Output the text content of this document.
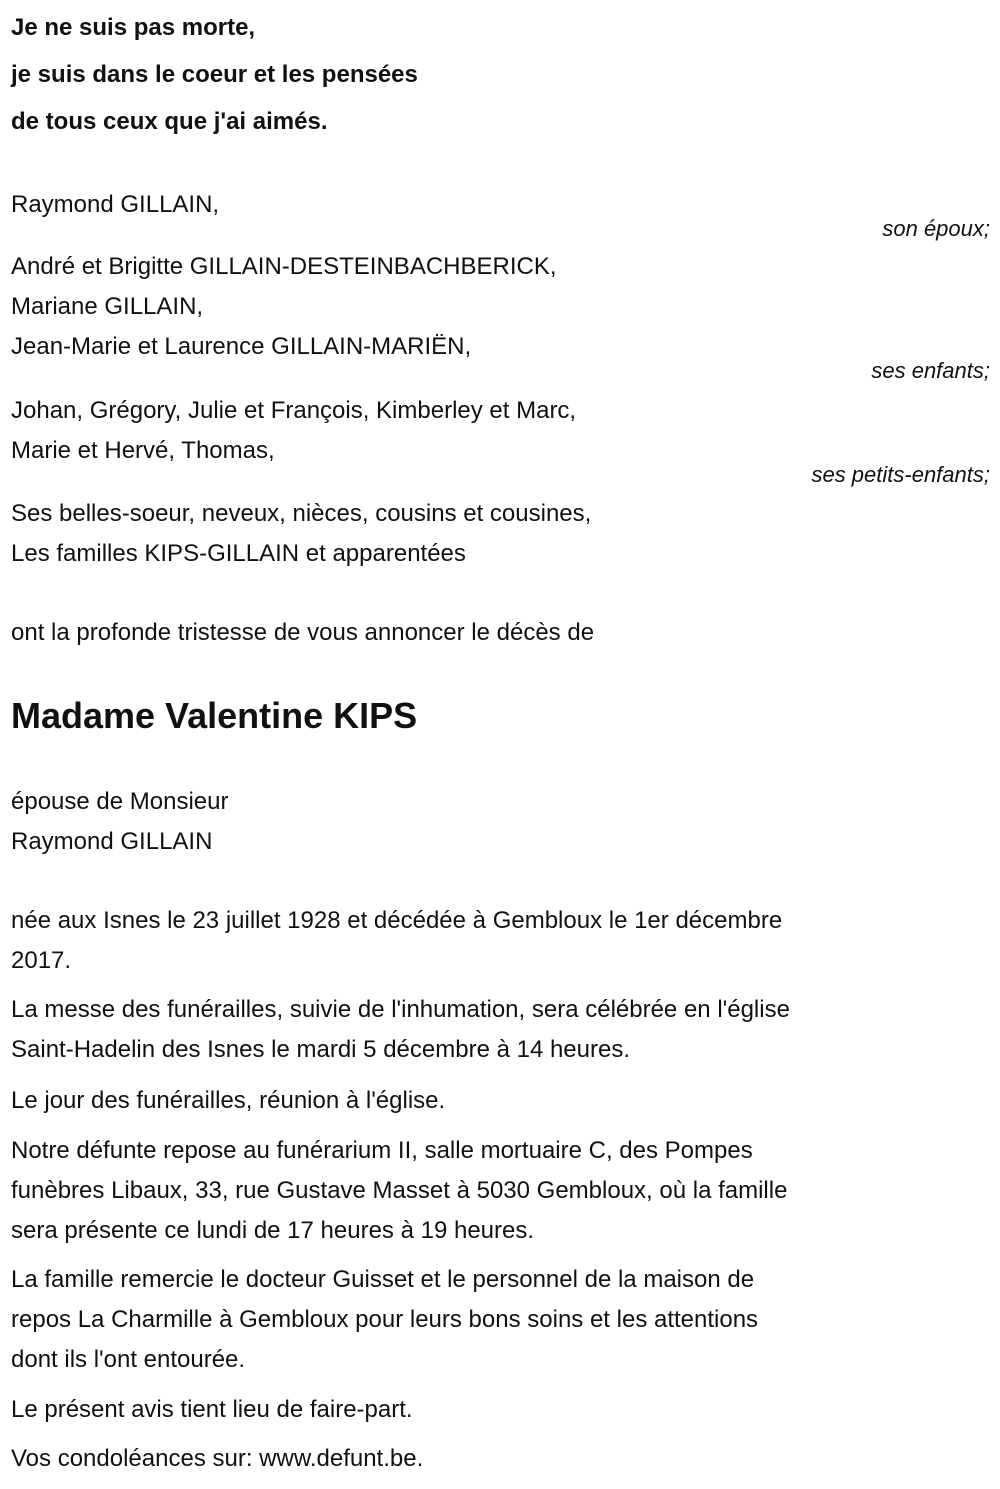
Je ne suis pas morte,
je suis dans le coeur et les pensées
de tous ceux que j'ai aimés.
Raymond GILLAIN,
son époux;
André et Brigitte GILLAIN-DESTEINBACHBERICK,
Mariane GILLAIN,
Jean-Marie et Laurence GILLAIN-MARIËN,
ses enfants;
Johan, Grégory, Julie et François, Kimberley et Marc,
Marie et Hervé, Thomas,
ses petits-enfants;
Ses belles-soeur, neveux, nièces, cousins et cousines,
Les familles KIPS-GILLAIN et apparentées
ont la profonde tristesse de vous annoncer le décès de
Madame Valentine KIPS
épouse de Monsieur
Raymond GILLAIN
née aux Isnes le 23 juillet 1928 et décédée à Gembloux le 1er décembre
2017.
La messe des funérailles, suivie de l'inhumation, sera célébrée en l'église
Saint-Hadelin des Isnes le mardi 5 décembre à 14 heures.
Le jour des funérailles, réunion à l'église.
Notre défunte repose au funérarium II, salle mortuaire C, des Pompes
funèbres Libaux, 33, rue Gustave Masset à 5030 Gembloux, où la famille
sera présente ce lundi de 17 heures à 19 heures.
La famille remercie le docteur Guisset et le personnel de la maison de
repos La Charmille à Gembloux pour leurs bons soins et les attentions
dont ils l'ont entourée.
Le présent avis tient lieu de faire-part.
Vos condoléances sur: www.defunt.be.
